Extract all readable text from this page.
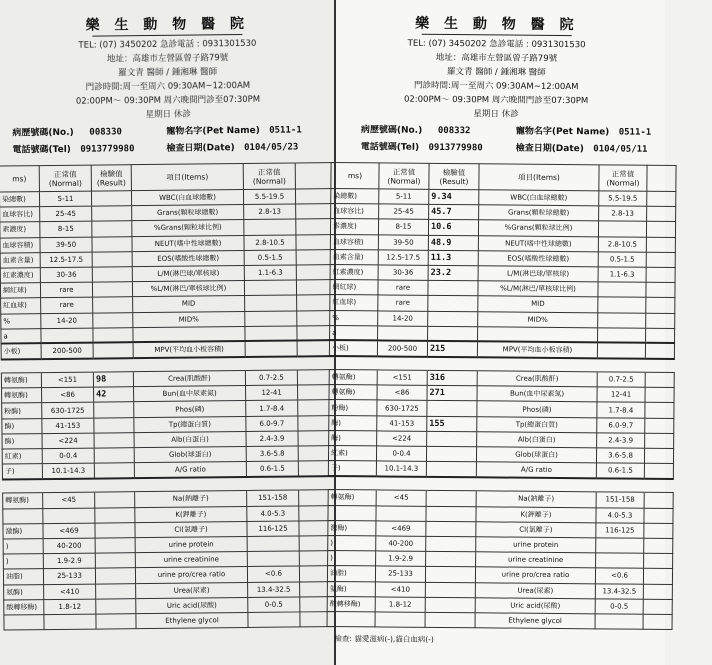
樂 生 動 物 醫 院
TEL: (07) 3450202 急診電話 : 0931301530
地址：高雄市左營區曾子路79號
羅文青 醫師 / 鍾湘琳 醫師
門診時間:周一至周六 09:30AM~12:00AM
02:00PM～ 09:30PM 周六晚間門診至07:30PM
星期日 休診
病歷號碼(No.) 008330	寵物名字(Pet Name) 0511-1
電話號碼(Tel) 0913779980	檢查日期(Date) 0104/05/23
ms)	正常值
(Normal)	檢驗值
(Result)	項目(Items)	正常值
(Normal)	
染總數)	5-11		WBC(白血球總數)	5.5-19.5	
血球容比)	25-45		Grans(顆粒球總數)	2.8-13	
素濃度)	8-15		%Grans(顆粒球比例)		
血球容積)	39-50		NEUT(嗜中性球總數)	2.8-10.5	
血素含量)	12.5-17.5		EOS(嗜酸性球總數)	0.5-1.5	
紅素濃度)	30-36		L/M(淋巴球/單核球)	1.1-6.3	
網紅球)	rare		%L/M(淋巴/單核球比例)		
紅血球)	rare		MID		
%	14-20		MID%		
a					
小板)	200-500		MPV(平均血小板容積)		

轉氨酶)	<151	98	Crea(肌酸酐)	0.7-2.5	
轉氨酶)	<86	42	Bun(血中尿素氮)	12-41	
粉酶)	630-1725		Phos(磷)	1.7-8.4	
酶)	41-153		Tp(總蛋白質)	6.0-9.7	
酶)	<224		Alb(白蛋白)	2.4-3.9	
紅素)	0-0.4		Glob(球蛋白)	3.6-5.8	
子)	10.1-14.3		A/G ratio	0.6-1.5	

轉氨酶)	<45		Na(鈉離子)	151-158	
			K(鉀離子)	4.0-5.3	
激酶)	<469		Cl(氯離子)	116-125	
)	40-200		urine protein		
)	1.9-2.9		urine creatinine		
油脂)	25-133		urine pro/crea ratio	<0.6	
氨酶)	<410		Urea(尿素)	13.4-32.5	
酸轉移酶)	1.8-12		Uric acid(尿酸)	0-0.5	
			Ethylene glycol		
樂 生 動 物 醫 院
TEL: (07) 3450202 急診電話 : 0931301530
地址：高雄市左營區曾子路79號
羅文青 醫師 / 鍾湘琳 醫師
門診時間:周一至周六 09:30AM~12:00AM
02:00PM～ 09:30PM 周六晚間門診至07:30PM
星期日 休診
病歷號碼(No.) 008332	寵物名字(Pet Name) 0511-1
電話號碼(Tel) 0913779980	檢查日期(Date) 0104/05/11
ms)	正常值
(Normal)	檢驗值
(Result)	項目(Items)	正常值
(Normal)	
染總數)	5-11	9.34	WBC(白血球總數)	5.5-19.5	
血球容比)	25-45	45.7	Grans(顆粒球總數)	2.8-13	
素濃度)	8-15	10.6	%Grans(顆粒球比例)		
血球容積)	39-50	48.9	NEUT(嗜中性球總數)	2.8-10.5	
血素含量)	12.5-17.5	11.3	EOS(嗜酸性球總數)	0.5-1.5	
紅素濃度)	30-36	23.2	L/M(淋巴球/單核球)	1.1-6.3	
網紅球)	rare		%L/M(淋巴/單核球比例)		
紅血球)	rare		MID		
%	14-20		MID%		
a					
小板)	200-500	215	MPV(平均血小板容積)		

轉氨酶)	<151	316	Crea(肌酸酐)	0.7-2.5	
轉氨酶)	<86	271	Bun(血中尿素氮)	12-41	
粉酶)	630-1725		Phos(磷)	1.7-8.4	
酶)	41-153	155	Tp(總蛋白質)	6.0-9.7	
酶)	<224		Alb(白蛋白)	2.4-3.9	
紅素)	0-0.4		Glob(球蛋白)	3.6-5.8	
子)	10.1-14.3		A/G ratio	0.6-1.5	

轉氨酶)	<45		Na(鈉離子)	151-158	
			K(鉀離子)	4.0-5.3	
激酶)	<469		Cl(氯離子)	116-125	
)	40-200		urine protein		
)	1.9-2.9		urine creatinine		
油脂)	25-133		urine pro/crea ratio	<0.6	
氨酶)	<410		Urea(尿素)	13.4-32.5	
酸轉移酶)	1.8-12		Uric acid(尿酸)	0-0.5	
			Ethylene glycol		
檢查: 貓愛滋病(-),貓白血病(-)
